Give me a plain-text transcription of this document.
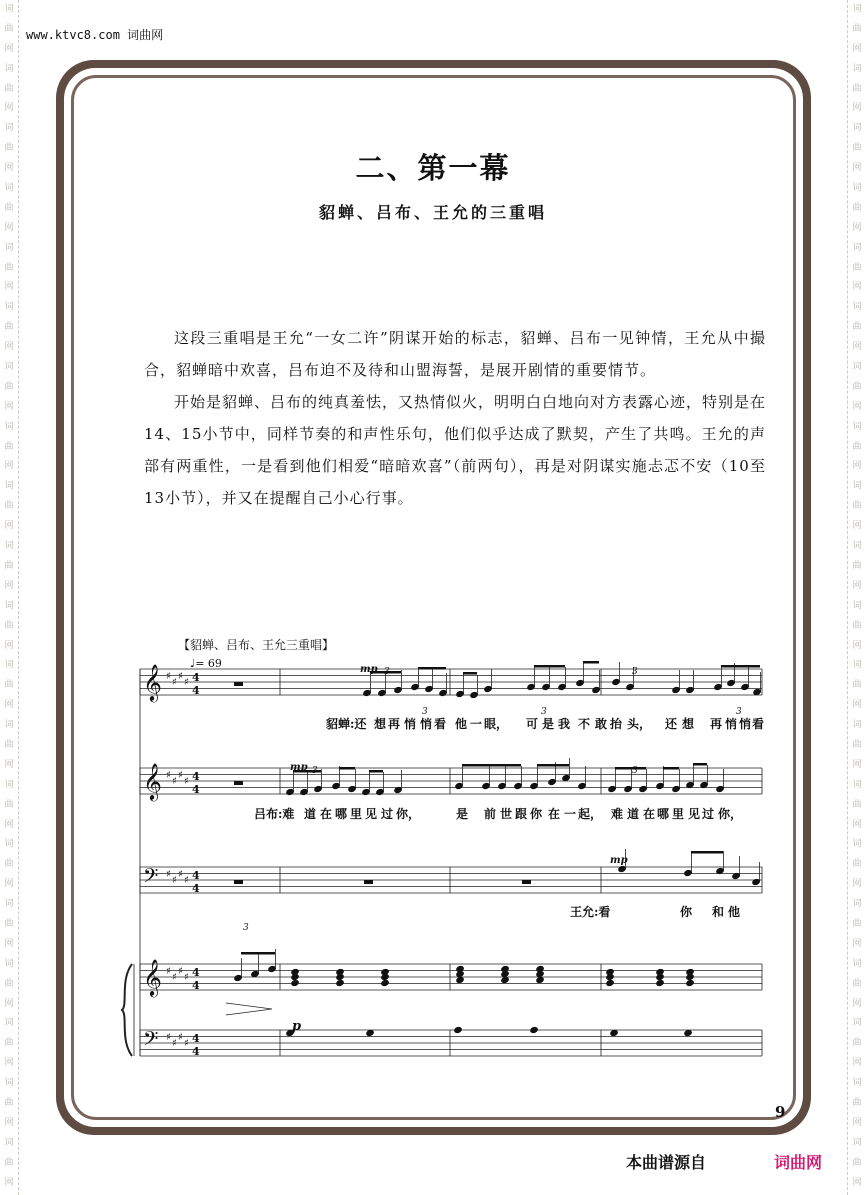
词
曲
网
词
曲
网
词
曲
网
词
曲
网
词
曲
网
词
曲
网
词
曲
网
词
曲
网
词
曲
网
词
曲
网
词
曲
网
词
曲
网
词
曲
网
词
曲
网
词
曲
网
词
曲
网
词
曲
网
词
曲
网
词
曲
网
词
曲
网
词
曲
网
词
曲
网
词
曲
网
词
曲
网
词
曲
网
词
曲
网
词
曲
网
词
曲
网
词
曲
网
词
曲
网
词
曲
网
词
曲
网
词
曲
网
词
曲
网
词
曲
网
词
曲
网
词
曲
网
词
曲
网
词
曲
网
词
曲
网
www.ktvc8.com 词曲网
二、第一幕
貂蝉、吕布、王允的三重唱

这段三重唱是王允“一女二许”阴谋开始的标志，貂蝉、吕布一见钟情，王允从中撮合，貂蝉暗中欢喜，吕布迫不及待和山盟海誓，是展开剧情的重要情节。

开始是貂蝉、吕布的纯真羞怯，又热情似火，明明白白地向对方表露心迹，特别是在14、15小节中，同样节奏的和声性乐句，他们似乎达成了默契，产生了共鸣。王允的声部有两重性，一是看到他们相爱“暗暗欢喜”（前两句），再是对阴谋实施忐忑不安（10至13小节），并又在提醒自己小心行事。

【貂蝉、吕布、王允三重唱】
𝄞 ♯
♯
♯
♯ 4
4
𝄞 ♯
♯
♯
♯ 4
4
𝄢 ♯
♯
♯
♯ 4
4
𝄞 ♯
♯
♯
♯ 4
4
𝄢 ♯
♯
♯
♯ 4
4
♩= 69	mp
mp
mp
p
3
3	3
3
3
3	3
3
貂蝉:还 想 再 悄 悄 看 他 一 眼， 可 是 我 不 敢 抬 头， 还 想 再 悄 悄 看
吕布:难 道 在 哪 里 见 过 你，	是 前 世 跟 你 在 一 起， 难 道 在 哪 里 见 过 你，
王允:看	你 和 他
9
本曲谱源自	词曲网
